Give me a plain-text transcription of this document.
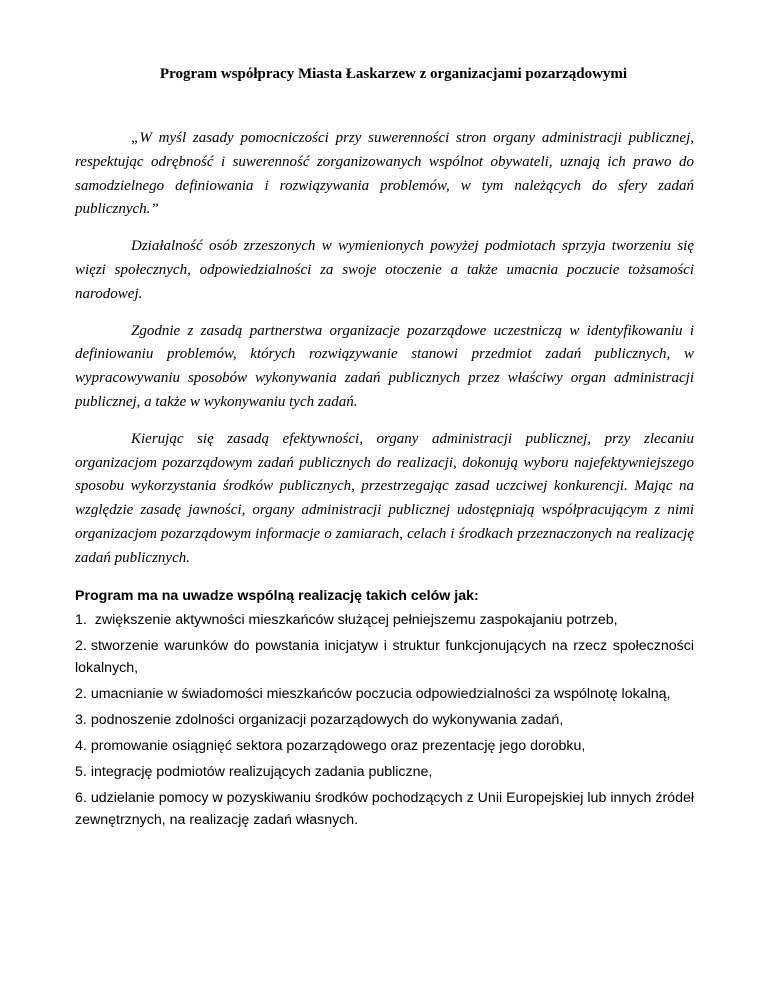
Program współpracy Miasta Łaskarzew z organizacjami pozarządowymi

„W myśl zasady pomocniczości przy suwerenności stron organy administracji publicznej, respektując odrębność i suwerenność zorganizowanych wspólnot obywateli, uznają ich prawo do samodzielnego definiowania i rozwiązywania problemów, w tym należących do sfery zadań publicznych.”

Działalność osób zrzeszonych w wymienionych powyżej podmiotach sprzyja tworzeniu się więzi społecznych, odpowiedzialności za swoje otoczenie a także umacnia poczucie tożsamości narodowej.

Zgodnie z zasadą partnerstwa organizacje pozarządowe uczestniczą w identyfikowaniu i definiowaniu problemów, których rozwiązywanie stanowi przedmiot zadań publicznych, w wypracowywaniu sposobów wykonywania zadań publicznych przez właściwy organ administracji publicznej, a także w wykonywaniu tych zadań.

Kierując się zasadą efektywności, organy administracji publicznej, przy zlecaniu organizacjom pozarządowym zadań publicznych do realizacji, dokonują wyboru najefektywniejszego sposobu wykorzystania środków publicznych, przestrzegając zasad uczciwej konkurencji. Mając na względzie zasadę jawności, organy administracji publicznej udostępniają współpracującym z nimi organizacjom pozarządowym informacje o zamiarach, celach i środkach przeznaczonych na realizację zadań publicznych.

Program ma na uwadze wspólną realizację takich celów jak:
1. zwiększenie aktywności mieszkańców służącej pełniejszemu zaspokajaniu potrzeb,
2. stworzenie warunków do powstania inicjatyw i struktur funkcjonujących na rzecz społeczności lokalnych,
2. umacnianie w świadomości mieszkańców poczucia odpowiedzialności za wspólnotę lokalną,
3. podnoszenie zdolności organizacji pozarządowych do wykonywania zadań,
4. promowanie osiągnięć sektora pozarządowego oraz prezentację jego dorobku,
5. integrację podmiotów realizujących zadania publiczne,
6. udzielanie pomocy w pozyskiwaniu środków pochodzących z Unii Europejskiej lub innych źródeł zewnętrznych, na realizację zadań własnych.
